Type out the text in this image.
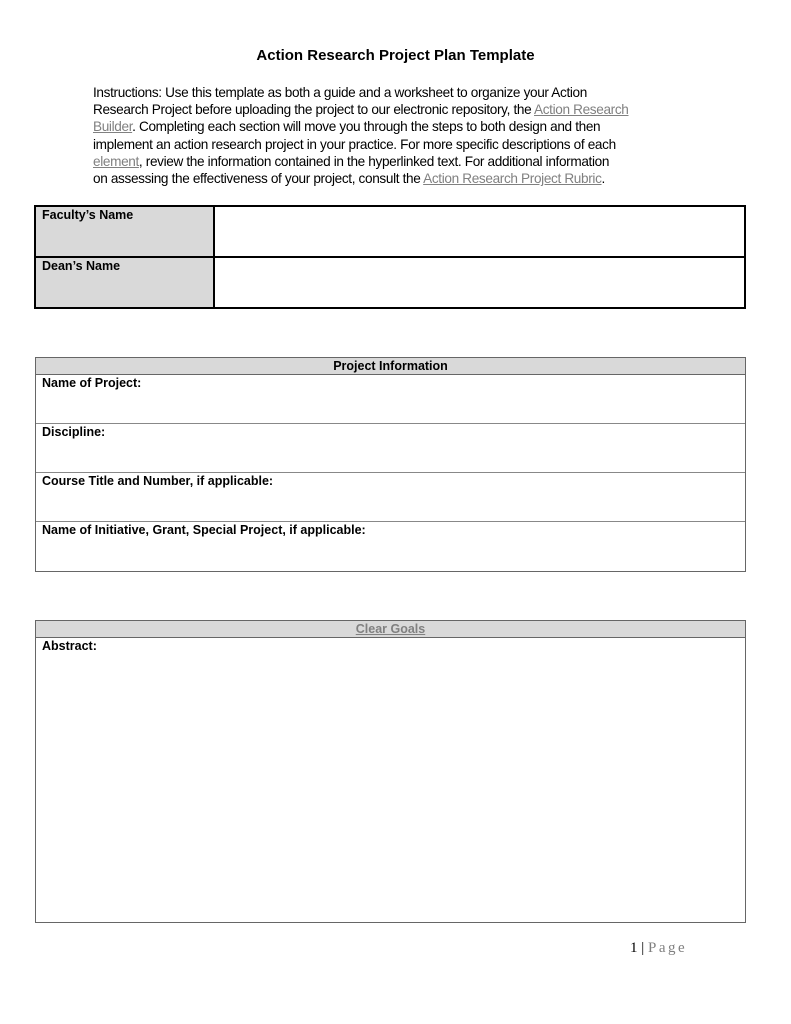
Action Research Project Plan Template
Instructions: Use this template as both a guide and a worksheet to organize your Action
Research Project before uploading the project to our electronic repository, the Action Research
Builder. Completing each section will move you through the steps to both design and then
implement an action research project in your practice. For more specific descriptions of each
element, review the information contained in the hyperlinked text. For additional information
on assessing the effectiveness of your project, consult the Action Research Project Rubric.
Faculty’s Name	
Dean’s Name	
Project Information
Name of Project:
Discipline:
Course Title and Number, if applicable:
Name of Initiative, Grant, Special Project, if applicable:
Clear Goals
Abstract:
1 | Page
